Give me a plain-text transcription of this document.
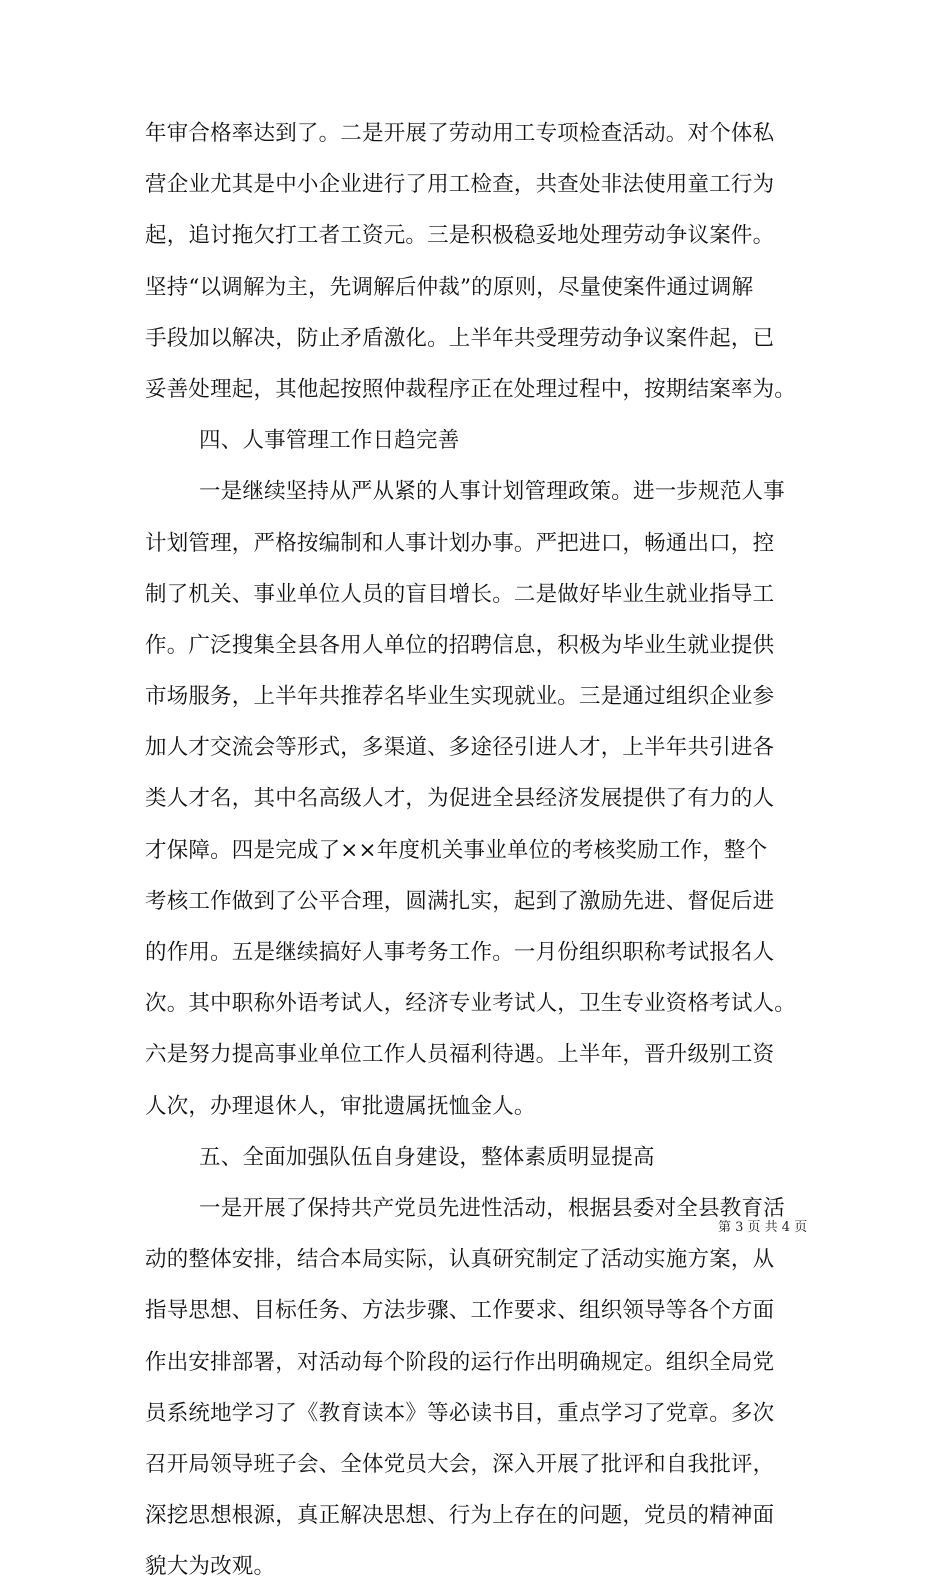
年审合格率达到了。二是开展了劳动用工专项检查活动。对个体私
营企业尤其是中小企业进行了用工检查，共查处非法使用童工行为
起，追讨拖欠打工者工资元。三是积极稳妥地处理劳动争议案件。
坚持“以调解为主，先调解后仲裁”的原则，尽量使案件通过调解
手段加以解决，防止矛盾激化。上半年共受理劳动争议案件起，已
妥善处理起，其他起按照仲裁程序正在处理过程中，按期结案率为。
四、人事管理工作日趋完善
一是继续坚持从严从紧的人事计划管理政策。进一步规范人事
计划管理，严格按编制和人事计划办事。严把进口，畅通出口，控
制了机关、事业单位人员的盲目增长。二是做好毕业生就业指导工
作。广泛搜集全县各用人单位的招聘信息，积极为毕业生就业提供
市场服务，上半年共推荐名毕业生实现就业。三是通过组织企业参
加人才交流会等形式，多渠道、多途径引进人才，上半年共引进各
类人才名，其中名高级人才，为促进全县经济发展提供了有力的人
才保障。四是完成了××年度机关事业单位的考核奖励工作，整个
考核工作做到了公平合理，圆满扎实，起到了激励先进、督促后进
的作用。五是继续搞好人事考务工作。一月份组织职称考试报名人
次。其中职称外语考试人，经济专业考试人，卫生专业资格考试人。
六是努力提高事业单位工作人员福利待遇。上半年，晋升级别工资
人次，办理退休人，审批遗属抚恤金人。
五、全面加强队伍自身建设，整体素质明显提高
一是开展了保持共产党员先进性活动，根据县委对全县教育活
动的整体安排，结合本局实际，认真研究制定了活动实施方案，从
指导思想、目标任务、方法步骤、工作要求、组织领导等各个方面
作出安排部署，对活动每个阶段的运行作出明确规定。组织全局党
员系统地学习了《教育读本》等必读书目，重点学习了党章。多次
召开局领导班子会、全体党员大会，深入开展了批评和自我批评，
深挖思想根源，真正解决思想、行为上存在的问题，党员的精神面
貌大为改观。
第 3 页 共 4 页
